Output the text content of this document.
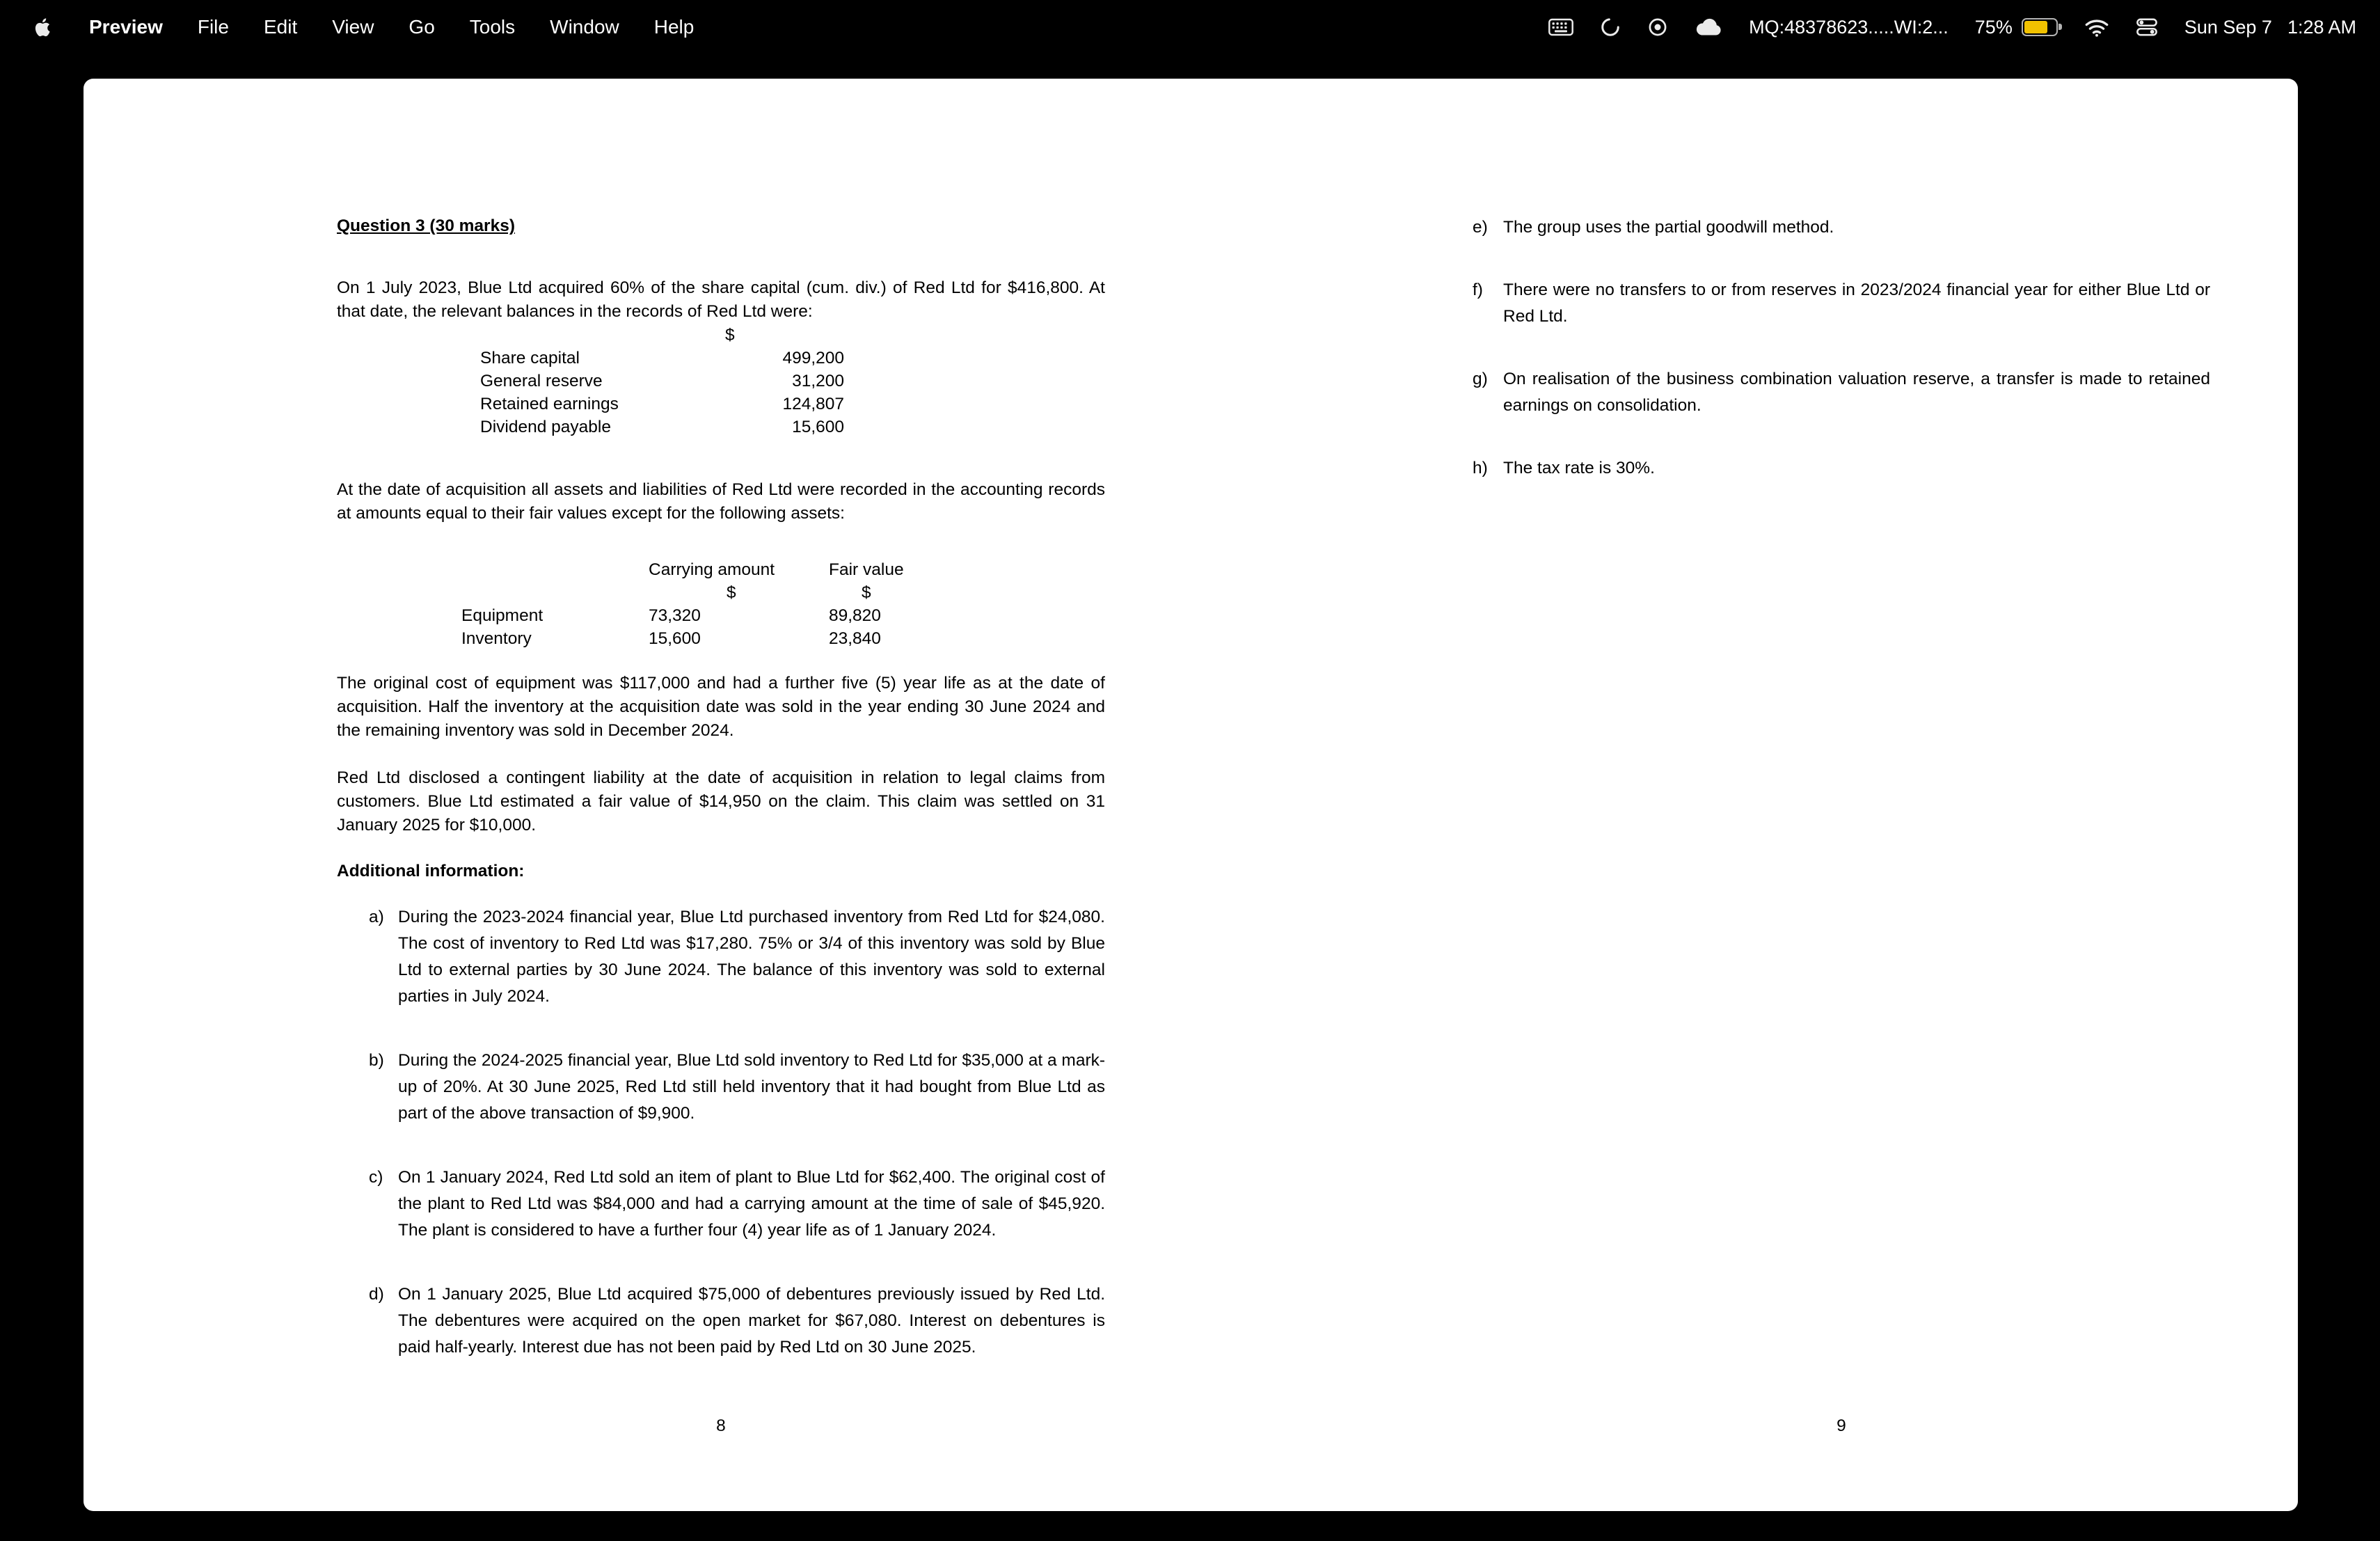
Preview File Edit View Go Tools Window Help	MQ:48378623.....WI:2... 75%	Sun Sep 7 1:28 AM
Question 3 (30 marks)

On 1 July 2023, Blue Ltd acquired 60% of the share capital (cum. div.) of Red Ltd for $416,800. At that date, the relevant balances in the records of Red Ltd were:

$
Share capital	499,200
General reserve	31,200
Retained earnings	124,807
Dividend payable	15,600

At the date of acquisition all assets and liabilities of Red Ltd were recorded in the accounting records at amounts equal to their fair values except for the following assets:

Carrying amount	Fair value
$	$
Equipment	73,320	89,820
Inventory	15,600	23,840

The original cost of equipment was $117,000 and had a further five (5) year life as at the date of acquisition. Half the inventory at the acquisition date was sold in the year ending 30 June 2024 and the remaining inventory was sold in December 2024.

Red Ltd disclosed a contingent liability at the date of acquisition in relation to legal claims from customers. Blue Ltd estimated a fair value of $14,950 on the claim. This claim was settled on 31 January 2025 for $10,000.

Additional information:
a) During the 2023-2024 financial year, Blue Ltd purchased inventory from Red Ltd for $24,080. The cost of inventory to Red Ltd was $17,280. 75% or 3/4 of this inventory was sold by Blue Ltd to external parties by 30 June 2024. The balance of this inventory was sold to external parties in July 2024.
b) During the 2024-2025 financial year, Blue Ltd sold inventory to Red Ltd for $35,000 at a mark-up of 20%. At 30 June 2025, Red Ltd still held inventory that it had bought from Blue Ltd as part of the above transaction of $9,900.
c) On 1 January 2024, Red Ltd sold an item of plant to Blue Ltd for $62,400. The original cost of the plant to Red Ltd was $84,000 and had a carrying amount at the time of sale of $45,920. The plant is considered to have a further four (4) year life as of 1 January 2024.
d) On 1 January 2025, Blue Ltd acquired $75,000 of debentures previously issued by Red Ltd. The debentures were acquired on the open market for $67,080. Interest on debentures is paid half-yearly. Interest due has not been paid by Red Ltd on 30 June 2025.
e) The group uses the partial goodwill method.
f) There were no transfers to or from reserves in 2023/2024 financial year for either Blue Ltd or Red Ltd.
g) On realisation of the business combination valuation reserve, a transfer is made to retained earnings on consolidation.
h) The tax rate is 30%.
8	9
